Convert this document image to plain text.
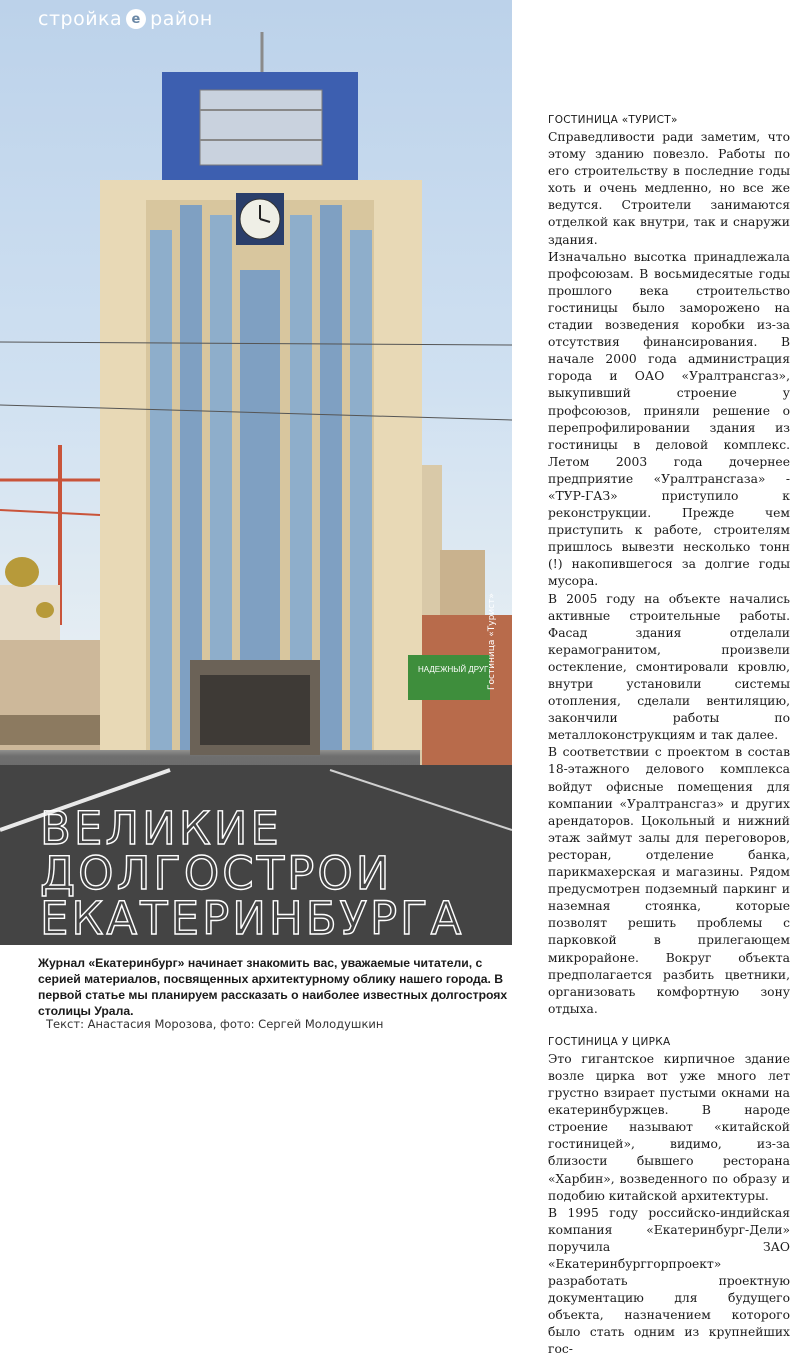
НАДЕЖНЫЙ ДРУГ
стройка е район
Гостиница «Турист»
ВЕЛИКИЕ
ДОЛГОСТРОИ
ЕКАТЕРИНБУРГА
Журнал «Екатеринбург» начинает знакомить вас, уважаемые читатели, с серией материалов, посвященных архитектурному облику нашего города. В первой статье мы планируем рассказать о наиболее известных долгостроях столицы Урала.
Текст: Анастасия Морозова, фото: Сергей Молодушкин
ГОСТИНИЦА «ТУРИСТ»

Справедливости ради заметим, что этому зданию повезло. Работы по его строительству в последние годы хоть и очень медленно, но все же ведутся. Строители занимаются отделкой как внутри, так и снаружи здания.

Изначально высотка принадлежала профсоюзам. В восьмидесятые годы прошлого века строительство гостиницы было заморожено на стадии возведения коробки из-за отсутствия финансирования. В начале 2000 года администрация города и ОАО «Уралтрансгаз», выкупивший строение у профсоюзов, приняли решение о перепрофилировании здания из гостиницы в деловой комплекс. Летом 2003 года дочернее предприятие «Уралтрансгаза» - «ТУР-ГАЗ» приступило к реконструкции. Прежде чем приступить к работе, строителям пришлось вывезти несколько тонн (!) накопившегося за долгие годы мусора.

В 2005 году на объекте начались активные строительные работы. Фасад здания отделали керамогранитом, произвели остекление, смонтировали кровлю, внутри установили системы отопления, сделали вентиляцию, закончили работы по металлоконструкциям и так далее.

В соответствии с проектом в состав 18-этажного делового комплекса войдут офисные помещения для компании «Уралтрансгаз» и других арендаторов. Цокольный и нижний этаж займут залы для переговоров, ресторан, отделение банка, парикмахерская и магазины. Рядом предусмотрен подземный паркинг и наземная стоянка, которые позволят решить проблемы с парковкой в прилегающем микрорайоне. Вокруг объекта предполагается разбить цветники, организовать комфортную зону отдыха.

ГОСТИНИЦА У ЦИРКА

Это гигантское кирпичное здание возле цирка вот уже много лет грустно взирает пустыми окнами на екатеринбуржцев. В народе строение называют «китайской гостиницей», видимо, из-за близости бывшего ресторана «Харбин», возведенного по образу и подобию китайской архитектуры.

В 1995 году российско-индийская компания «Екатеринбург-Дели» поручила ЗАО «Екатеринбурггорпроект» разработать проектную документацию для будущего объекта, назначением которого было стать одним из крупнейших гос-
